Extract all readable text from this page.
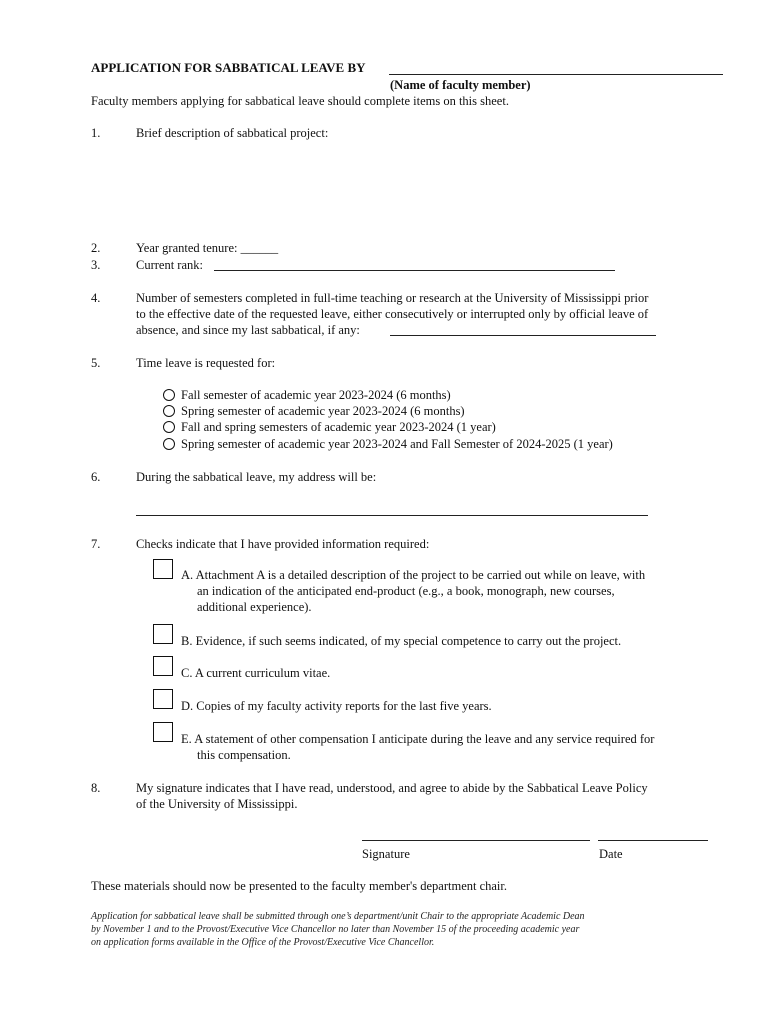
APPLICATION FOR SABBATICAL LEAVE BY
(Name of faculty member)
Faculty members applying for sabbatical leave should complete items on this sheet.
1.	Brief description of sabbatical project:
2.	Year granted tenure: ______
3.	Current rank:
4.	Number of semesters completed in full-time teaching or research at the University of Mississippi prior
to the effective date of the requested leave, either consecutively or interrupted only by official leave of
absence, and since my last sabbatical, if any:
5.	Time leave is requested for:
Fall semester of academic year 2023-2024 (6 months)
Spring semester of academic year 2023-2024 (6 months)
Fall and spring semesters of academic year 2023-2024 (1 year)
Spring semester of academic year 2023-2024 and Fall Semester of 2024-2025 (1 year)
6.	During the sabbatical leave, my address will be:
7.	Checks indicate that I have provided information required:
A. Attachment A is a detailed description of the project to be carried out while on leave, with
an indication of the anticipated end-product (e.g., a book, monograph, new courses,
additional experience).
B. Evidence, if such seems indicated, of my special competence to carry out the project.
C. A current curriculum vitae.
D. Copies of my faculty activity reports for the last five years.
E. A statement of other compensation I anticipate during the leave and any service required for
this compensation.
8.	My signature indicates that I have read, understood, and agree to abide by the Sabbatical Leave Policy
of the University of Mississippi.
Signature	Date
These materials should now be presented to the faculty member's department chair.
Application for sabbatical leave shall be submitted through one’s department/unit Chair to the appropriate Academic Dean
by November 1 and to the Provost/Executive Vice Chancellor no later than November 15 of the proceeding academic year
on application forms available in the Office of the Provost/Executive Vice Chancellor.
